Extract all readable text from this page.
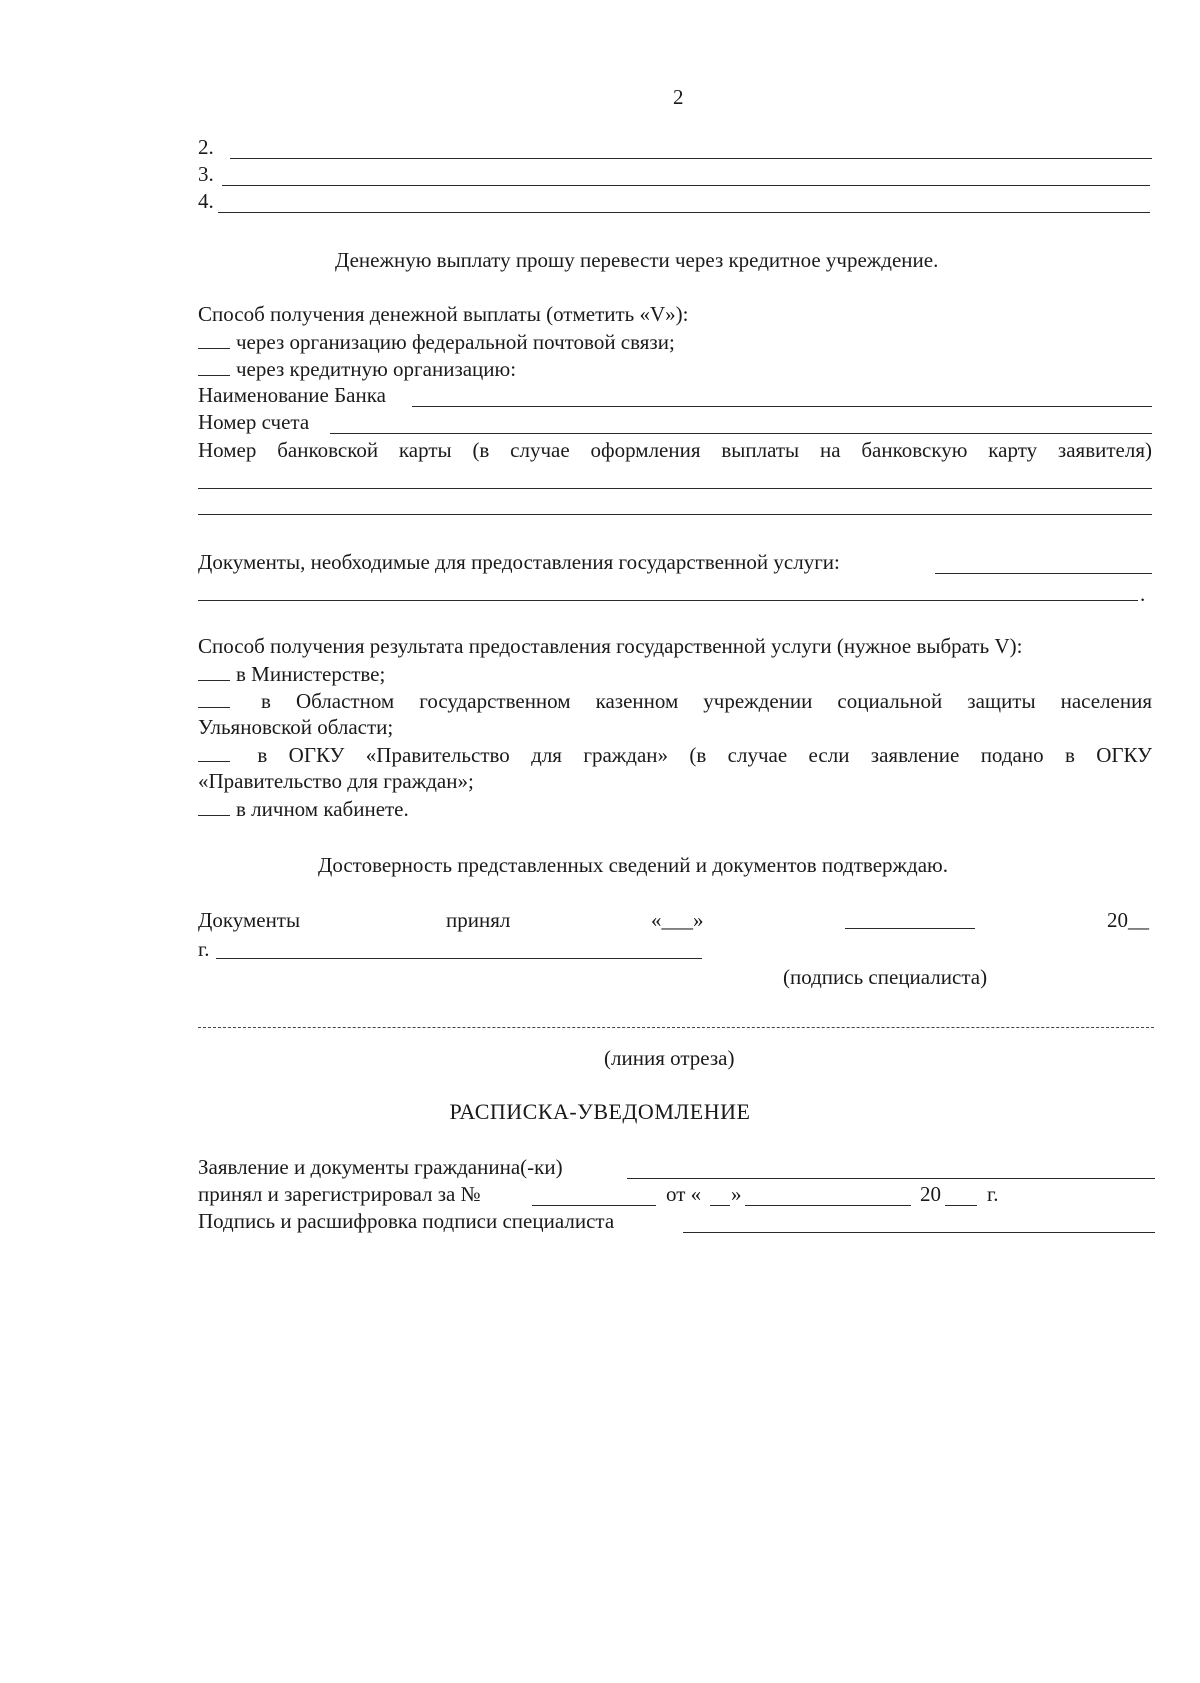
2
2.
3.
4.
Денежную выплату прошу перевести через кредитное учреждение.
Способ получения денежной выплаты (отметить «V»):
через организацию федеральной почтовой связи;
через кредитную организацию:
Наименование Банка
Номер счета
Номер банковской карты (в случае оформления выплаты на банковскую карту заявителя)
Документы, необходимые для предоставления государственной услуги:
.
Способ получения результата предоставления государственной услуги (нужное выбрать V):
в Министерстве;
в Областном государственном казенном учреждении социальной защиты населения
Ульяновской области;
в ОГКУ «Правительство для граждан» (в случае если заявление подано в ОГКУ
«Правительство для граждан»;
в личном кабинете.
Достоверность представленных сведений и документов подтверждаю.
Документы	принял	«___»	20__
г.
(подпись специалиста)
(линия отреза)
РАСПИСКА-УВЕДОМЛЕНИЕ
Заявление и документы гражданина(-ки)
принял и зарегистрировал за №	от « »	20 г.
Подпись и расшифровка подписи специалиста
